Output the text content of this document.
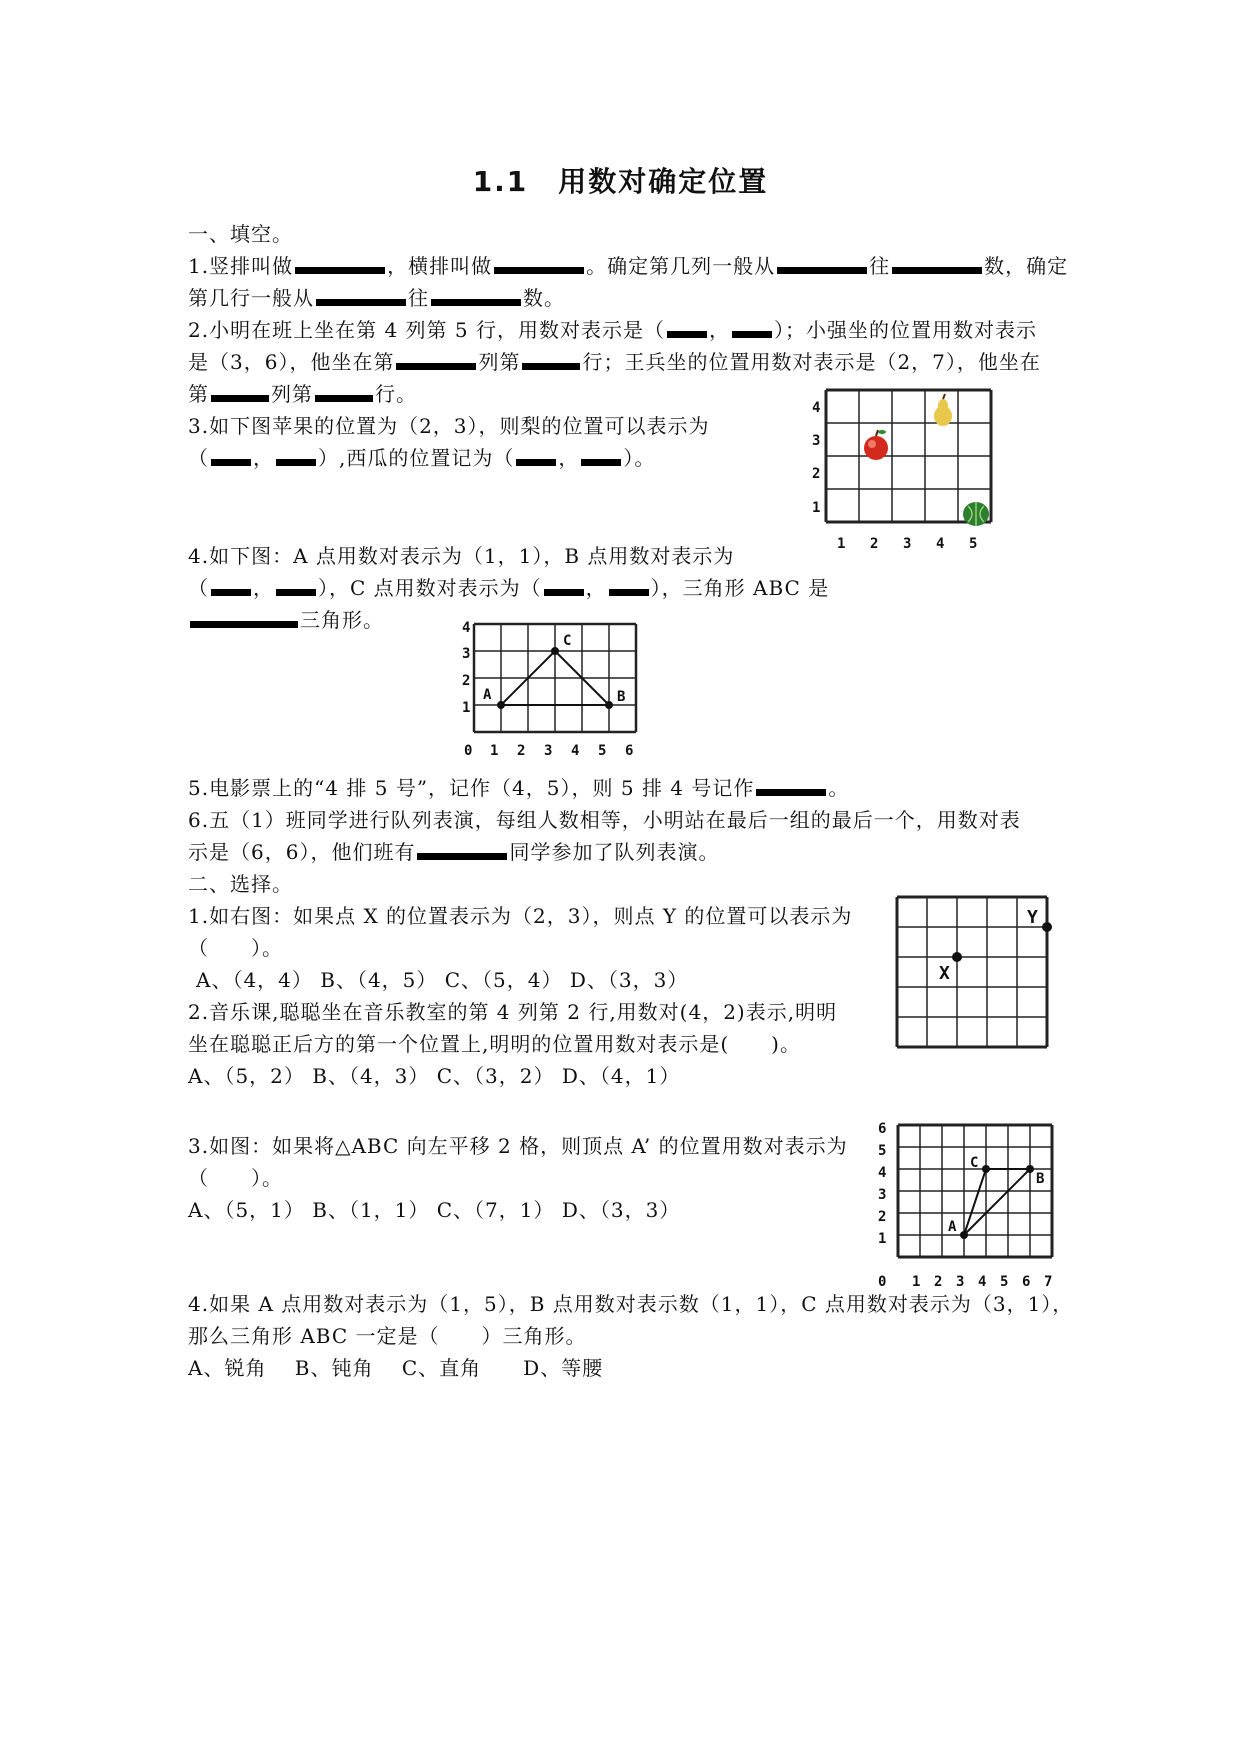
1.1　用数对确定位置
一、填空。
1.竖排叫做	，横排叫做	。确定第几列一般从	往	数，确定
第几行一般从	往	数。
2.小明在班上坐在第 4 列第 5 行，用数对表示是（ ， ）；小强坐的位置用数对表示
是（3，6），他坐在第	列第	行；王兵坐的位置用数对表示是（2，7），他坐在
第	列第	行。
3.如下图苹果的位置为（2，3），则梨的位置可以表示为
（ ， ）,西瓜的位置记为（ ， ）。
4
3
2
1
1 2 3 4 5
4.如下图：A 点用数对表示为（1，1），B 点用数对表示为
（ ， ），C 点用数对表示为（ ， ），三角形 ABC 是
三角形。	4
3
2
1
0 1 2 3 4 5 6
A	B
C
5.电影票上的“4 排 5 号”，记作（4，5），则 5 排 4 号记作	。
6.五（1）班同学进行队列表演，每组人数相等，小明站在最后一组的最后一个，用数对表
示是（6，6），他们班有	同学参加了队列表演。
二、选择。
1.如右图：如果点 X 的位置表示为（2，3），则点 Y 的位置可以表示为
（　　）。
A、（4，4） B、（4，5） C、（5，4） D、（3，3）	X
Y
2.音乐课,聪聪坐在音乐教室的第 4 列第 2 行,用数对(4，2)表示,明明
坐在聪聪正后方的第一个位置上,明明的位置用数对表示是(　　)。
A、（5，2） B、（4，3） C、（3，2） D、（4，1）
3.如图：如果将△ABC 向左平移 2 格，则顶点 A’ 的位置用数对表示为
（　　）。
A、（5，1） B、（1，1） C、（7，1） D、（3，3）
6
5
4
3
2
1
0 1 2 3 4 5 6 7
A
B
C
4.如果 A 点用数对表示为（1，5），B 点用数对表示数（1，1），C 点用数对表示为（3，1），
那么三角形 ABC 一定是（　　）三角形。
A、锐角　 B、钝角　 C、直角　　D、等腰
